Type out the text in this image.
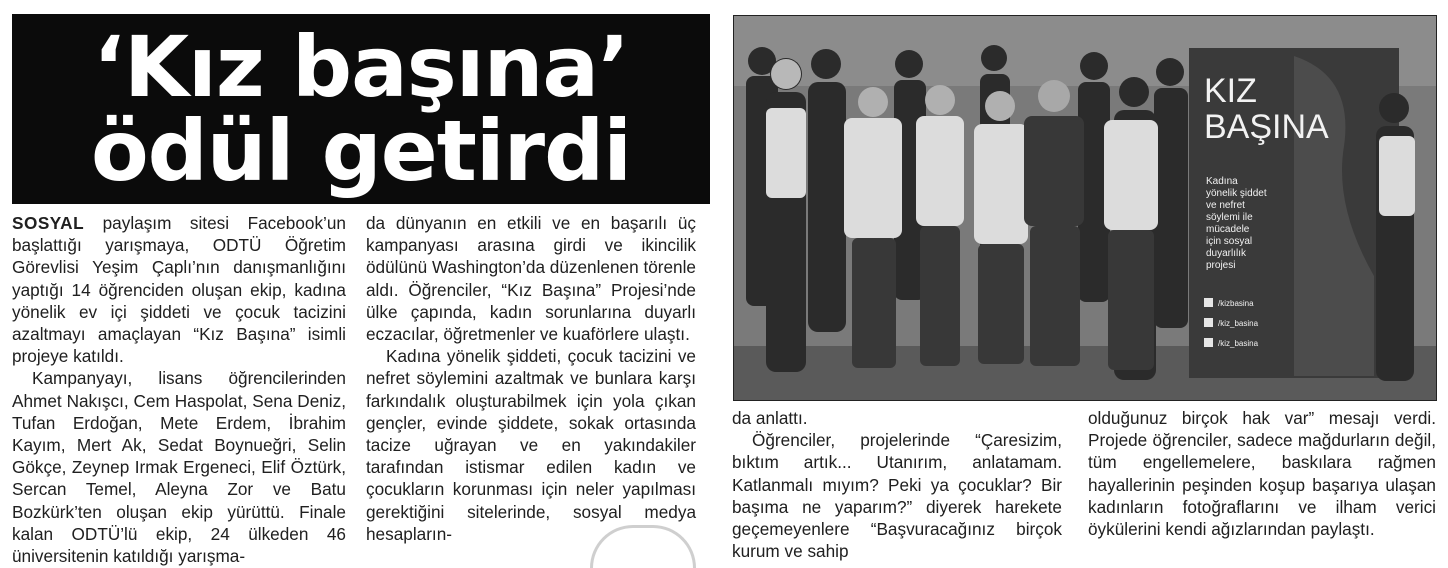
‘Kız başına’
ödül getirdi

SOSYAL paylaşım sitesi Facebook’un başlattığı yarışmaya, ODTÜ Öğretim Görevlisi Yeşim Çaplı’nın danışmanlığını yaptığı 14 öğrenciden oluşan ekip, kadına yönelik ev içi şiddeti ve çocuk tacizini azaltmayı amaçlayan “Kız Başına” isimli projeye katıldı.

Kampanyayı, lisans öğrencilerinden Ahmet Nakışcı, Cem Haspolat, Sena Deniz, Tufan Erdoğan, Mete Erdem, İbrahim Kayım, Mert Ak, Sedat Boynueğri, Selin Gökçe, Zeynep Irmak Ergeneci, Elif Öztürk, Sercan Temel, Aleyna Zor ve Batu Bozkürk’ten oluşan ekip yürüttü. Finale kalan ODTÜ’lü ekip, 24 ülkeden 46 üniversitenin katıldığı yarışma-

da dünyanın en etkili ve en başarılı üç kampanyası arasına girdi ve ikincilik ödülünü Washington’da düzenlenen törenle aldı. Öğrenciler, “Kız Başına” Projesi’nde ülke çapında, kadın sorunlarına duyarlı eczacılar, öğretmenler ve kuaförlere ulaştı.

Kadına yönelik şiddeti, çocuk tacizini ve nefret söylemini azaltmak ve bunlara karşı farkındalık oluşturabilmek için yola çıkan gençler, evinde şiddete, sokak ortasında tacize uğrayan ve en yakındakiler tarafından istismar edilen kadın ve çocukların korunması için neler yapılması gerektiğini sitelerinde, sosyal medya hesapların-

da anlattı.

Öğrenciler, projelerinde “Çaresizim, bıktım artık... Utanırım, anlatamam. Katlanmalı mıyım? Peki ya çocuklar? Bir başıma ne yaparım?” diyerek harekete geçemeyenlere “Başvuracağınız birçok kurum ve sahip

olduğunuz birçok hak var” mesajı verdi. Projede öğrenciler, sadece mağdurların değil, tüm engellemelere, baskılara rağmen hayallerinin peşinden koşup başarıya ulaşan kadınların fotoğraflarını ve ilham verici öykülerini kendi ağızlarından paylaştı.

KIZ
BAŞINA
Kadına
yönelik şiddet
ve nefret
söylemi ile
mücadele
için sosyal
duyarlılık
projesi
/kizbasina
/kiz_basina
/kiz_basina
